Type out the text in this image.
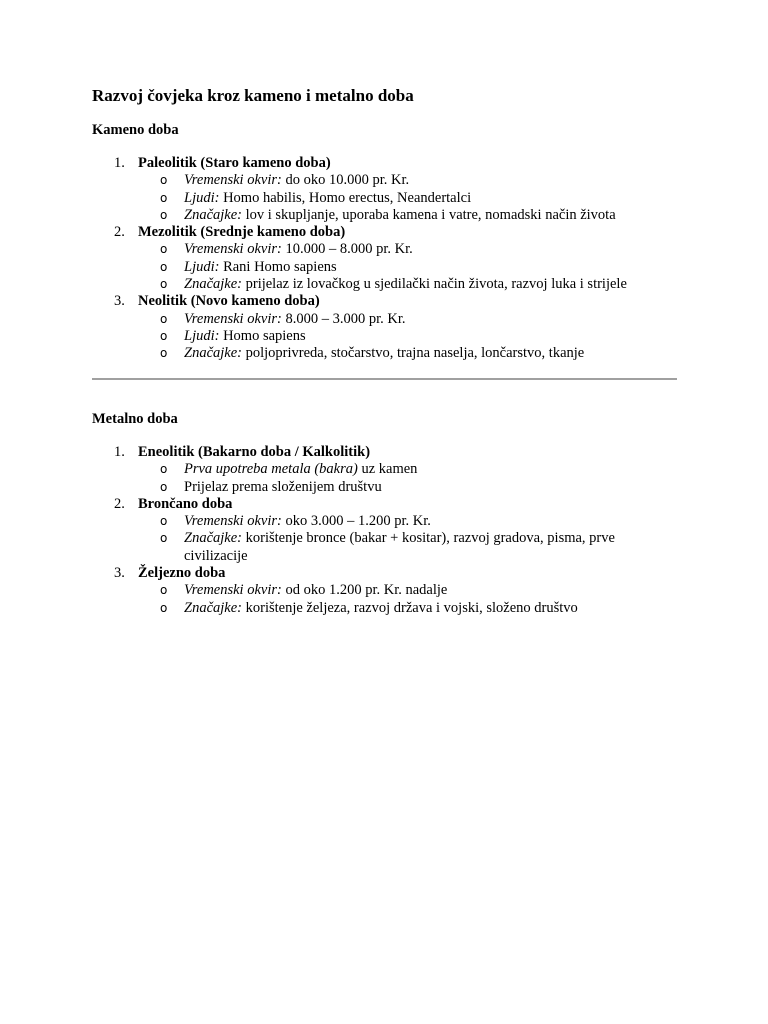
Razvoj čovjeka kroz kameno i metalno doba
Kameno doba
1. Paleolitik (Staro kameno doba)
o Vremenski okvir: do oko 10.000 pr. Kr.
o Ljudi: Homo habilis, Homo erectus, Neandertalci
o Značajke: lov i skupljanje, uporaba kamena i vatre, nomadski način života
2. Mezolitik (Srednje kameno doba)
o Vremenski okvir: 10.000 – 8.000 pr. Kr.
o Ljudi: Rani Homo sapiens
o Značajke: prijelaz iz lovačkog u sjedilački način života, razvoj luka i strijele
3. Neolitik (Novo kameno doba)
o Vremenski okvir: 8.000 – 3.000 pr. Kr.
o Ljudi: Homo sapiens
o Značajke: poljoprivreda, stočarstvo, trajna naselja, lončarstvo, tkanje
Metalno doba
1. Eneolitik (Bakarno doba / Kalkolitik)
o Prva upotreba metala (bakra) uz kamen
o Prijelaz prema složenijem društvu
2. Brončano doba
o Vremenski okvir: oko 3.000 – 1.200 pr. Kr.
o Značajke: korištenje bronce (bakar + kositar), razvoj gradova, pisma, prve civilizacije
3. Željezno doba
o Vremenski okvir: od oko 1.200 pr. Kr. nadalje
o Značajke: korištenje željeza, razvoj država i vojski, složeno društvo
